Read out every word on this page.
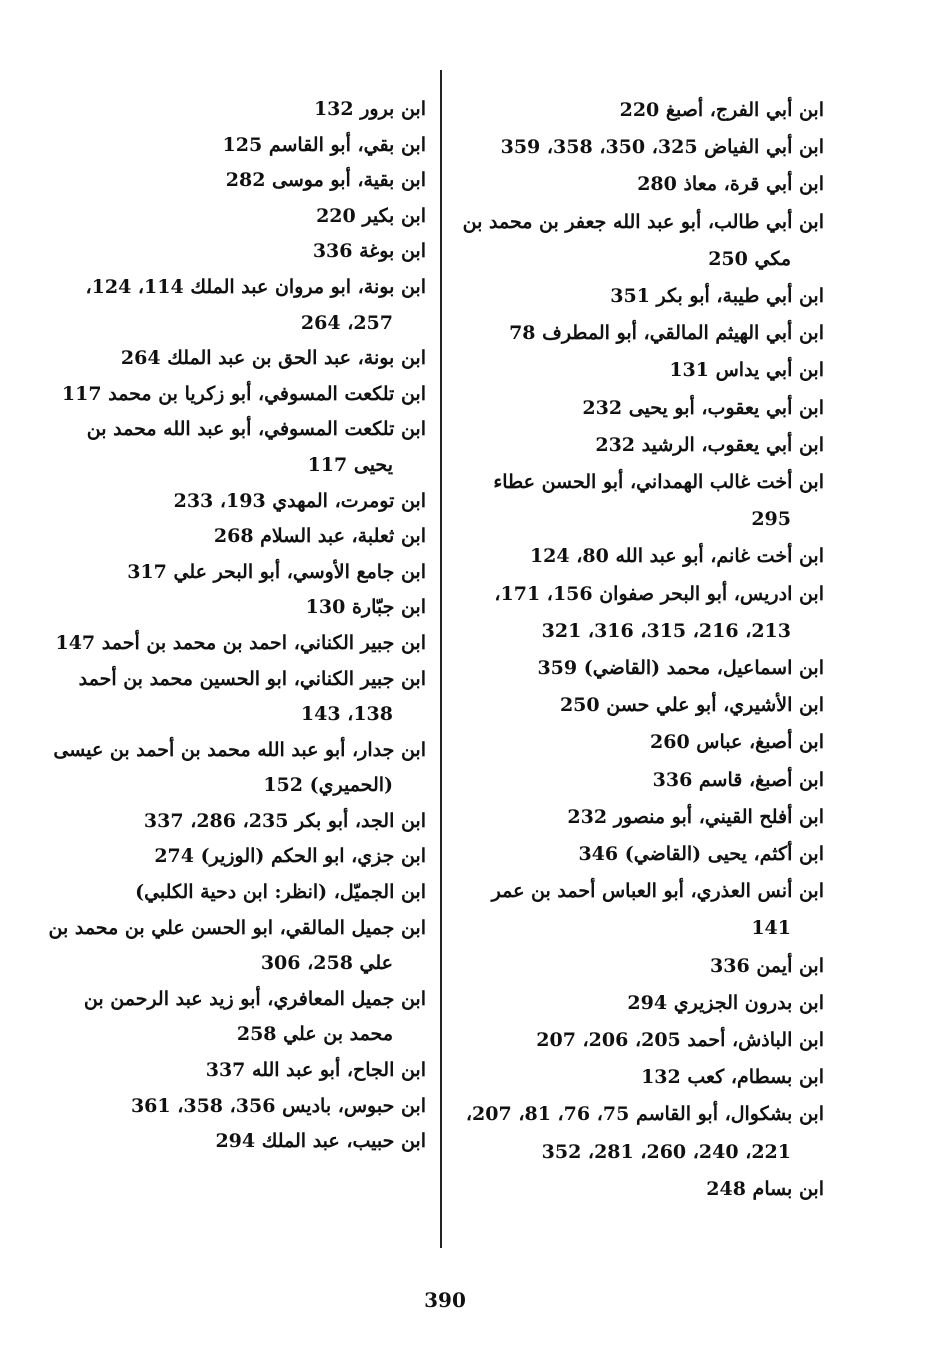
ابن أبي الفرج، أصبغ 220

ابن أبي الفياض 325، 350، 358، 359

ابن أبي قرة، معاذ 280

ابن أبي طالب، أبو عبد الله جعفر بن محمد بن مكي 250

ابن أبي طيبة، أبو بكر 351

ابن أبي الهيثم المالقي، أبو المطرف 78

ابن أبي يداس 131

ابن أبي يعقوب، أبو يحيى 232

ابن أبي يعقوب، الرشيد 232

ابن أخت غالب الهمداني، أبو الحسن عطاء 295

ابن أخت غانم، أبو عبد الله 80، 124

ابن ادريس، أبو البحر صفوان 156، 171، 213، 216، 315، 316، 321

ابن اسماعيل، محمد (القاضي) 359

ابن الأشيري، أبو علي حسن 250

ابن أصبغ، عباس 260

ابن أصبغ، قاسم 336

ابن أفلح القيني، أبو منصور 232

ابن أكثم، يحيى (القاضي) 346

ابن أنس العذري، أبو العباس أحمد بن عمر 141

ابن أيمن 336

ابن بدرون الجزيري 294

ابن الباذش، أحمد 205، 206، 207

ابن بسطام، كعب 132

ابن بشكوال، أبو القاسم 75، 76، 81، 207، 221، 240، 260، 281، 352

ابن بسام 248

ابن برور 132

ابن بقي، أبو القاسم 125

ابن بقية، أبو موسى 282

ابن بكير 220

ابن بوغة 336

ابن بونة، ابو مروان عبد الملك 114، 124، 257، 264

ابن بونة، عبد الحق بن عبد الملك 264

ابن تلكعت المسوفي، أبو زكريا بن محمد 117

ابن تلكعت المسوفي، أبو عبد الله محمد بن يحيى 117

ابن تومرت، المهدي 193، 233

ابن ثعلبة، عبد السلام 268

ابن جامع الأوسي، أبو البحر علي 317

ابن جبّارة 130

ابن جبير الكناني، احمد بن محمد بن أحمد 147

ابن جبير الكناني، ابو الحسين محمد بن أحمد 138، 143

ابن جدار، أبو عبد الله محمد بن أحمد بن عيسى (الحميري) 152

ابن الجد، أبو بكر 235، 286، 337

ابن جزي، ابو الحكم (الوزير) 274

ابن الجميّل، (انظر: ابن دحية الكلبي)

ابن جميل المالقي، ابو الحسن علي بن محمد بن علي 258، 306

ابن جميل المعافري، أبو زيد عبد الرحمن بن محمد بن علي 258

ابن الجاح، أبو عبد الله 337

ابن حبوس، باديس 356، 358، 361

ابن حبيب، عبد الملك 294

390
